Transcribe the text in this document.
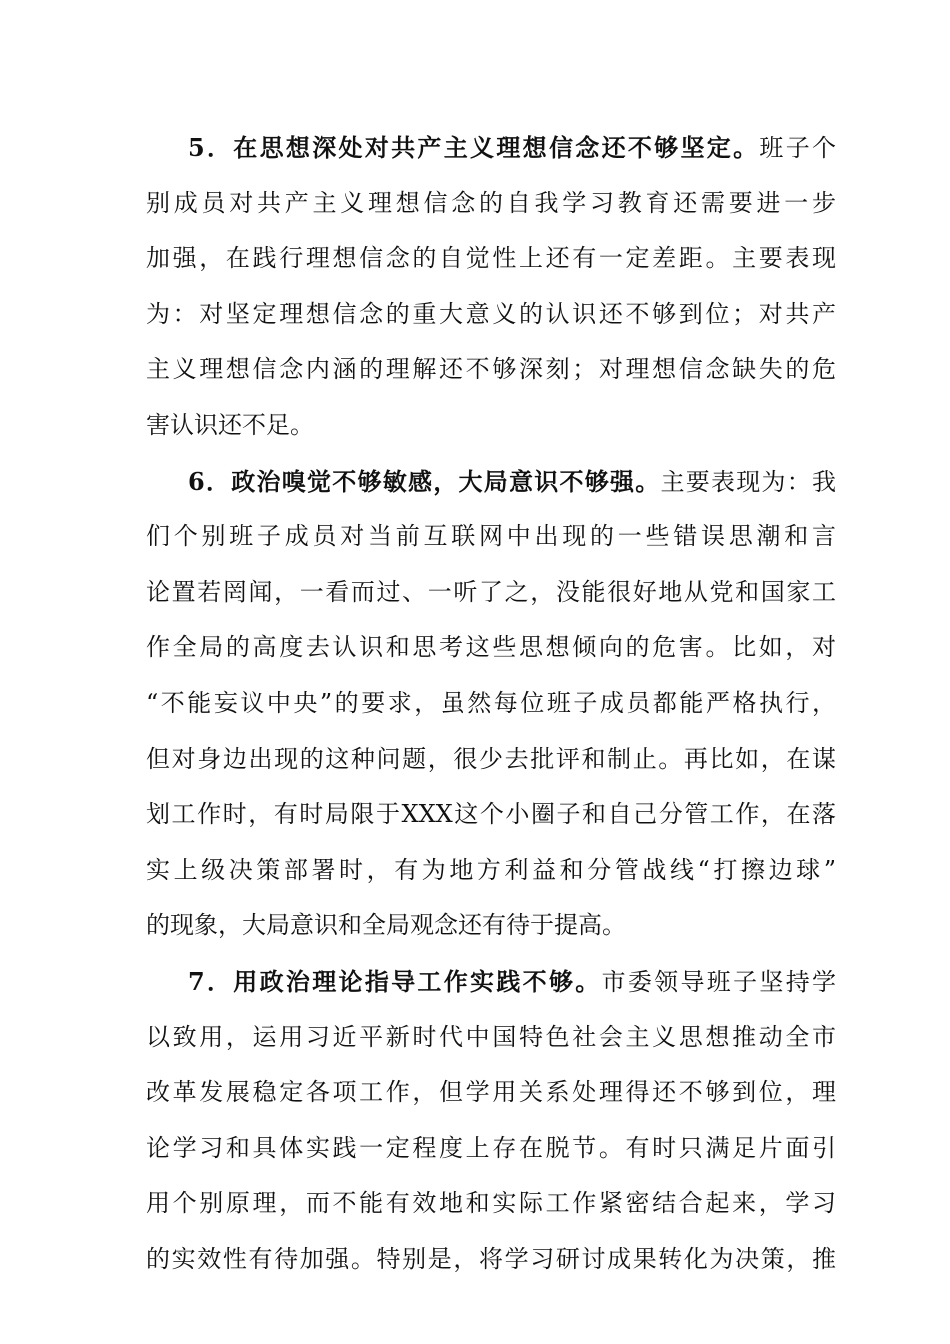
5．在思想深处对共产主义理想信念还不够坚定。班子个
别成员对共产主义理想信念的自我学习教育还需要进一步
加强，在践行理想信念的自觉性上还有一定差距。主要表现
为：对坚定理想信念的重大意义的认识还不够到位；对共产
主义理想信念内涵的理解还不够深刻；对理想信念缺失的危
害认识还不足。
6．政治嗅觉不够敏感，大局意识不够强。主要表现为：我
们个别班子成员对当前互联网中出现的一些错误思潮和言
论置若罔闻，一看而过、一听了之，没能很好地从党和国家工
作全局的高度去认识和思考这些思想倾向的危害。比如，对
“不能妄议中央”的要求，虽然每位班子成员都能严格执行，
但对身边出现的这种问题，很少去批评和制止。再比如，在谋
划工作时，有时局限于XXX这个小圈子和自己分管工作，在落
实上级决策部署时，有为地方利益和分管战线“打擦边球”
的现象，大局意识和全局观念还有待于提高。
7．用政治理论指导工作实践不够。市委领导班子坚持学
以致用，运用习近平新时代中国特色社会主义思想推动全市
改革发展稳定各项工作，但学用关系处理得还不够到位，理
论学习和具体实践一定程度上存在脱节。有时只满足片面引
用个别原理，而不能有效地和实际工作紧密结合起来，学习
的实效性有待加强。特别是，将学习研讨成果转化为决策，推
